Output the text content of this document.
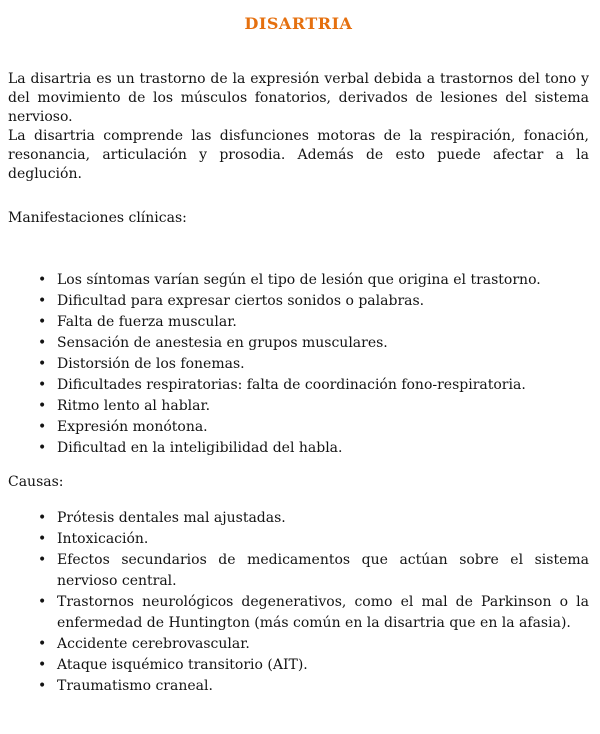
DISARTRIA

La disartria es un trastorno de la expresión verbal debida a trastornos del tono y del movimiento de los músculos fonatorios, derivados de lesiones del sistema nervioso.

La disartria comprende las disfunciones motoras de la respiración, fonación, resonancia, articulación y prosodia. Además de esto puede afectar a la deglución.

Manifestaciones clínicas:

• Los síntomas varían según el tipo de lesión que origina el trastorno.
• Dificultad para expresar ciertos sonidos o palabras.
• Falta de fuerza muscular.
• Sensación de anestesia en grupos musculares.
• Distorsión de los fonemas.
• Dificultades respiratorias: falta de coordinación fono-respiratoria.
• Ritmo lento al hablar.
• Expresión monótona.
• Dificultad en la inteligibilidad del habla.

Causas:

• Prótesis dentales mal ajustadas.
• Intoxicación.
• Efectos secundarios de medicamentos que actúan sobre el sistema nervioso central.
• Trastornos neurológicos degenerativos, como el mal de Parkinson o la enfermedad de Huntington (más común en la disartria que en la afasia).
• Accidente cerebrovascular.
• Ataque isquémico transitorio (AIT).
• Traumatismo craneal.
